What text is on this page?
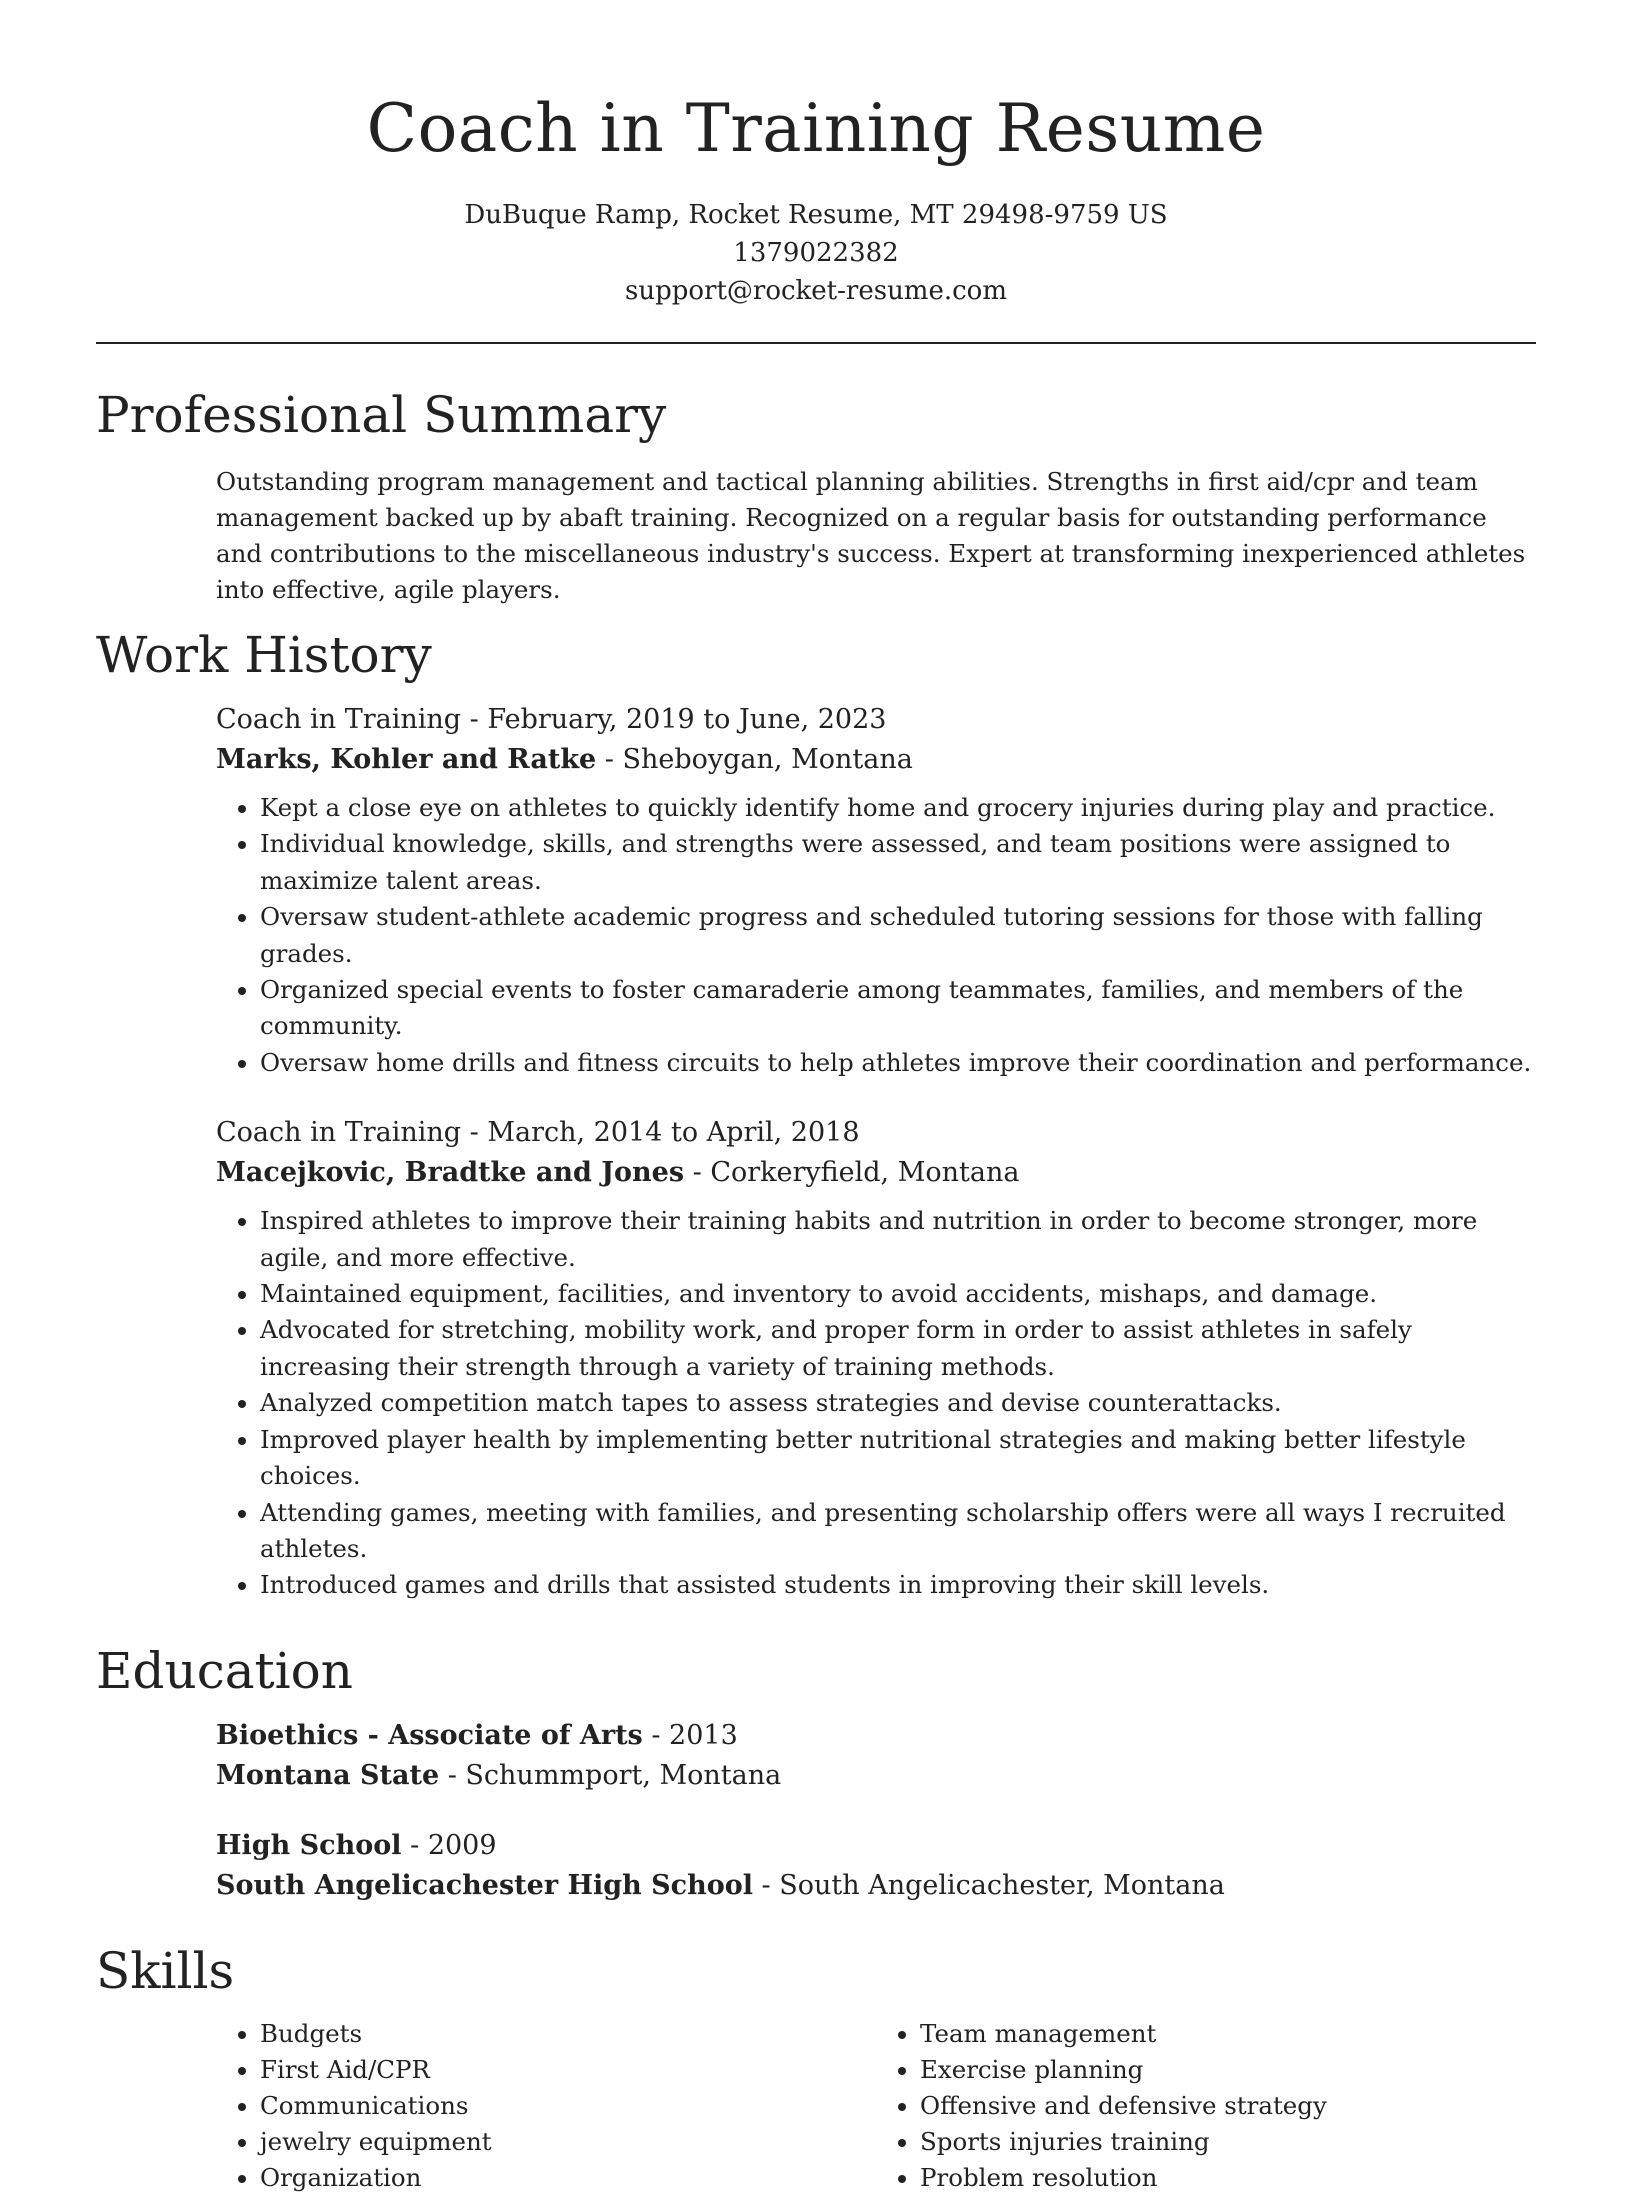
Coach in Training Resume
DuBuque Ramp, Rocket Resume, MT 29498-9759 US
1379022382
support@rocket-resume.com
Professional Summary

Outstanding program management and tactical planning abilities. Strengths in first aid/cpr and team management backed up by abaft training. Recognized on a regular basis for outstanding performance and contributions to the miscellaneous industry's success. Expert at transforming inexperienced athletes into effective, agile players.

Work History
Coach in Training - February, 2019 to June, 2023
Marks, Kohler and Ratke - Sheboygan, Montana
• Kept a close eye on athletes to quickly identify home and grocery injuries during play and practice.
• Individual knowledge, skills, and strengths were assessed, and team positions were assigned to maximize talent areas.
• Oversaw student-athlete academic progress and scheduled tutoring sessions for those with falling grades.
• Organized special events to foster camaraderie among teammates, families, and members of the community.
• Oversaw home drills and fitness circuits to help athletes improve their coordination and performance.
Coach in Training - March, 2014 to April, 2018
Macejkovic, Bradtke and Jones - Corkeryfield, Montana
• Inspired athletes to improve their training habits and nutrition in order to become stronger, more agile, and more effective.
• Maintained equipment, facilities, and inventory to avoid accidents, mishaps, and damage.
• Advocated for stretching, mobility work, and proper form in order to assist athletes in safely increasing their strength through a variety of training methods.
• Analyzed competition match tapes to assess strategies and devise counterattacks.
• Improved player health by implementing better nutritional strategies and making better lifestyle choices.
• Attending games, meeting with families, and presenting scholarship offers were all ways I recruited athletes.
• Introduced games and drills that assisted students in improving their skill levels.
Education
Bioethics - Associate of Arts - 2013
Montana State - Schummport, Montana
High School - 2009
South Angelicachester High School - South Angelicachester, Montana
Skills
• Budgets
• First Aid/CPR
• Communications
• jewelry equipment
• Organization
• Team management
• Exercise planning
• Offensive and defensive strategy
• Sports injuries training
• Problem resolution
